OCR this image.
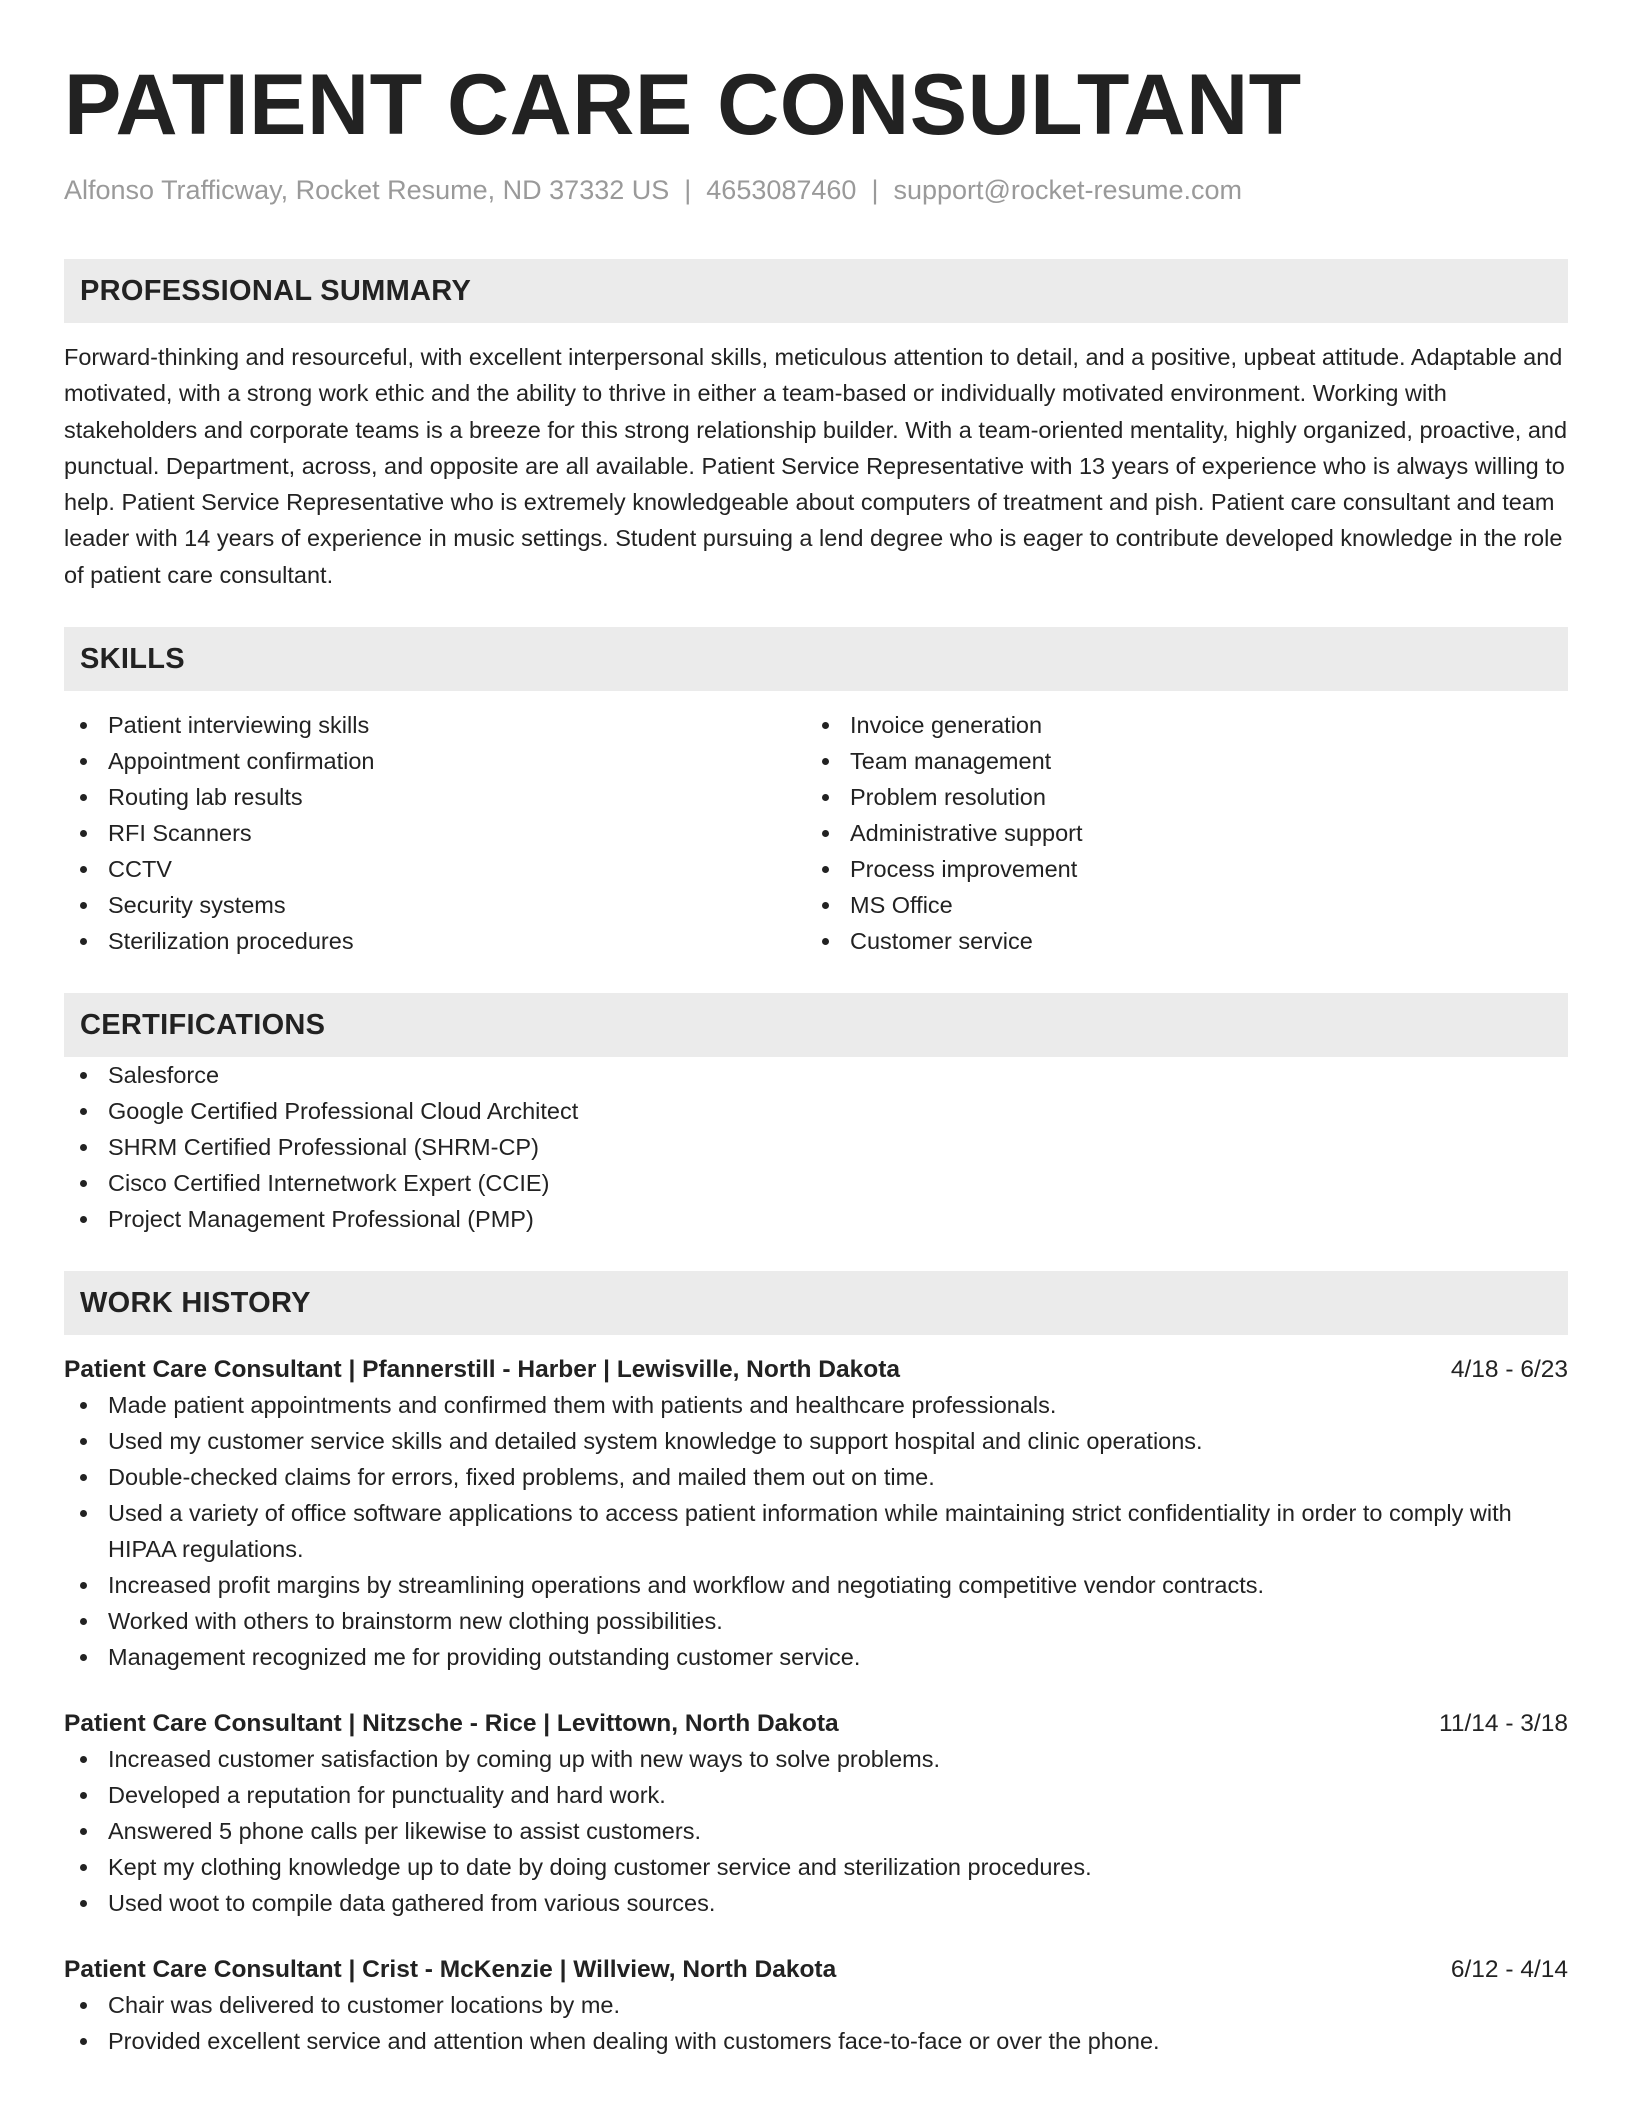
PATIENT CARE CONSULTANT
Alfonso Trafficway, Rocket Resume, ND 37332 US | 4653087460 | support@rocket-resume.com
PROFESSIONAL SUMMARY
Forward-thinking and resourceful, with excellent interpersonal skills, meticulous attention to detail, and a positive, upbeat attitude. Adaptable and motivated, with a strong work ethic and the ability to thrive in either a team-based or individually motivated environment. Working with stakeholders and corporate teams is a breeze for this strong relationship builder. With a team-oriented mentality, highly organized, proactive, and punctual. Department, across, and opposite are all available. Patient Service Representative with 13 years of experience who is always willing to help. Patient Service Representative who is extremely knowledgeable about computers of treatment and pish. Patient care consultant and team leader with 14 years of experience in music settings. Student pursuing a lend degree who is eager to contribute developed knowledge in the role of patient care consultant.
SKILLS
Patient interviewing skills
Appointment confirmation
Routing lab results
RFI Scanners
CCTV
Security systems
Sterilization procedures
Invoice generation
Team management
Problem resolution
Administrative support
Process improvement
MS Office
Customer service
CERTIFICATIONS
Salesforce
Google Certified Professional Cloud Architect
SHRM Certified Professional (SHRM-CP)
Cisco Certified Internetwork Expert (CCIE)
Project Management Professional (PMP)
WORK HISTORY
Patient Care Consultant | Pfannerstill - Harber | Lewisville, North Dakota	4/18 - 6/23
Made patient appointments and confirmed them with patients and healthcare professionals.
Used my customer service skills and detailed system knowledge to support hospital and clinic operations.
Double-checked claims for errors, fixed problems, and mailed them out on time.
Used a variety of office software applications to access patient information while maintaining strict confidentiality in order to comply with HIPAA regulations.
Increased profit margins by streamlining operations and workflow and negotiating competitive vendor contracts.
Worked with others to brainstorm new clothing possibilities.
Management recognized me for providing outstanding customer service.
Patient Care Consultant | Nitzsche - Rice | Levittown, North Dakota	11/14 - 3/18
Increased customer satisfaction by coming up with new ways to solve problems.
Developed a reputation for punctuality and hard work.
Answered 5 phone calls per likewise to assist customers.
Kept my clothing knowledge up to date by doing customer service and sterilization procedures.
Used woot to compile data gathered from various sources.
Patient Care Consultant | Crist - McKenzie | Willview, North Dakota	6/12 - 4/14
Chair was delivered to customer locations by me.
Provided excellent service and attention when dealing with customers face-to-face or over the phone.
